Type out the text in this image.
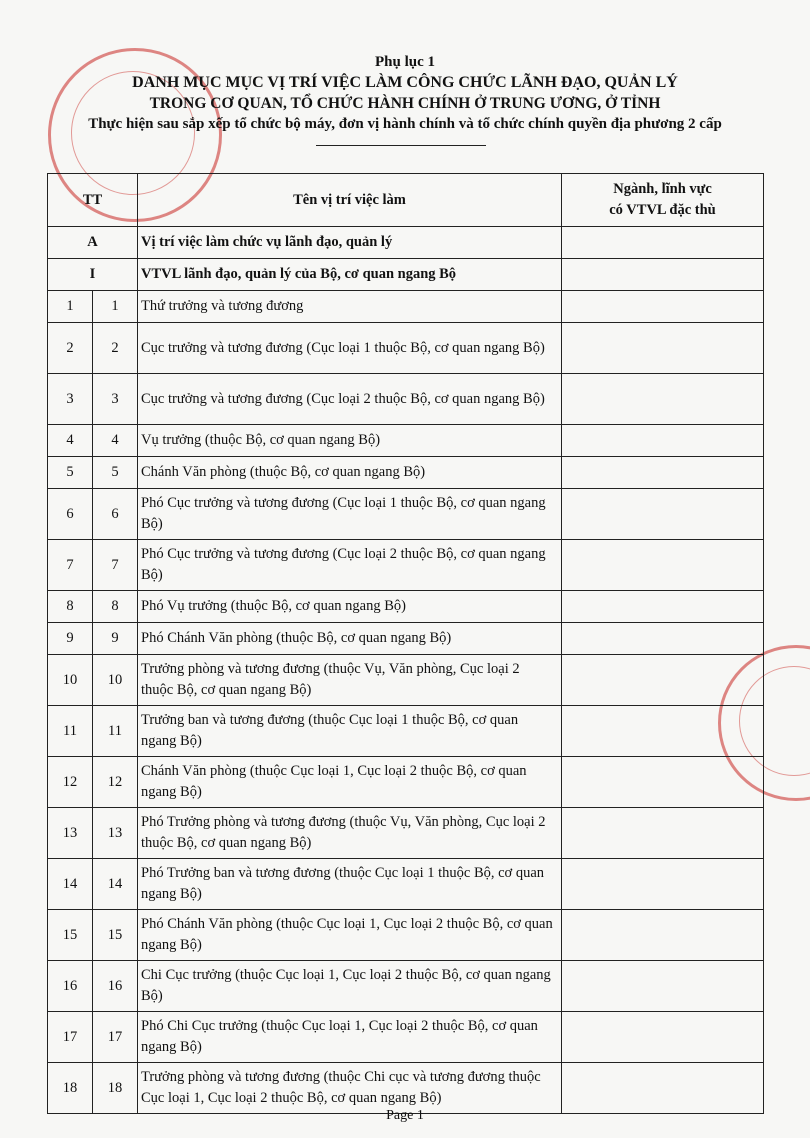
Phụ lục 1
DANH MỤC MỤC VỊ TRÍ VIỆC LÀM CÔNG CHỨC LÃNH ĐẠO, QUẢN LÝ
TRONG CƠ QUAN, TỔ CHỨC HÀNH CHÍNH Ở TRUNG ƯƠNG, Ở TỈNH
Thực hiện sau sắp xếp tổ chức bộ máy, đơn vị hành chính và tổ chức chính quyền địa phương 2 cấp
TT		Tên vị trí việc làm	Ngành, lĩnh vực
có VTVL đặc thù
A		Vị trí việc làm chức vụ lãnh đạo, quản lý	
I		VTVL lãnh đạo, quản lý của Bộ, cơ quan ngang Bộ	
1	1	Thứ trưởng và tương đương	
2	2	Cục trưởng và tương đương (Cục loại 1 thuộc Bộ, cơ quan ngang Bộ)	
3	3	Cục trưởng và tương đương (Cục loại 2 thuộc Bộ, cơ quan ngang Bộ)	
4	4	Vụ trưởng (thuộc Bộ, cơ quan ngang Bộ)	
5	5	Chánh Văn phòng (thuộc Bộ, cơ quan ngang Bộ)	
6	6	Phó Cục trưởng và tương đương (Cục loại 1 thuộc Bộ, cơ quan ngang Bộ)	
7	7	Phó Cục trưởng và tương đương (Cục loại 2 thuộc Bộ, cơ quan ngang Bộ)	
8	8	Phó Vụ trưởng (thuộc Bộ, cơ quan ngang Bộ)	
9	9	Phó Chánh Văn phòng (thuộc Bộ, cơ quan ngang Bộ)	
10	10	Trưởng phòng và tương đương (thuộc Vụ, Văn phòng, Cục loại 2 thuộc Bộ, cơ quan ngang Bộ)	
11	11	Trưởng ban và tương đương (thuộc Cục loại 1 thuộc Bộ, cơ quan ngang Bộ)	
12	12	Chánh Văn phòng (thuộc Cục loại 1, Cục loại 2 thuộc Bộ, cơ quan ngang Bộ)	
13	13	Phó Trưởng phòng và tương đương (thuộc Vụ, Văn phòng, Cục loại 2 thuộc Bộ, cơ quan ngang Bộ)	
14	14	Phó Trưởng ban và tương đương (thuộc Cục loại 1 thuộc Bộ, cơ quan ngang Bộ)	
15	15	Phó Chánh Văn phòng (thuộc Cục loại 1, Cục loại 2 thuộc Bộ, cơ quan ngang Bộ)	
16	16	Chi Cục trưởng (thuộc Cục loại 1, Cục loại 2 thuộc Bộ, cơ quan ngang Bộ)	
17	17	Phó Chi Cục trưởng (thuộc Cục loại 1, Cục loại 2 thuộc Bộ, cơ quan ngang Bộ)	
18	18	Trưởng phòng và tương đương (thuộc Chi cục và tương đương thuộc Cục loại 1, Cục loại 2 thuộc Bộ, cơ quan ngang Bộ)	
Page 1
